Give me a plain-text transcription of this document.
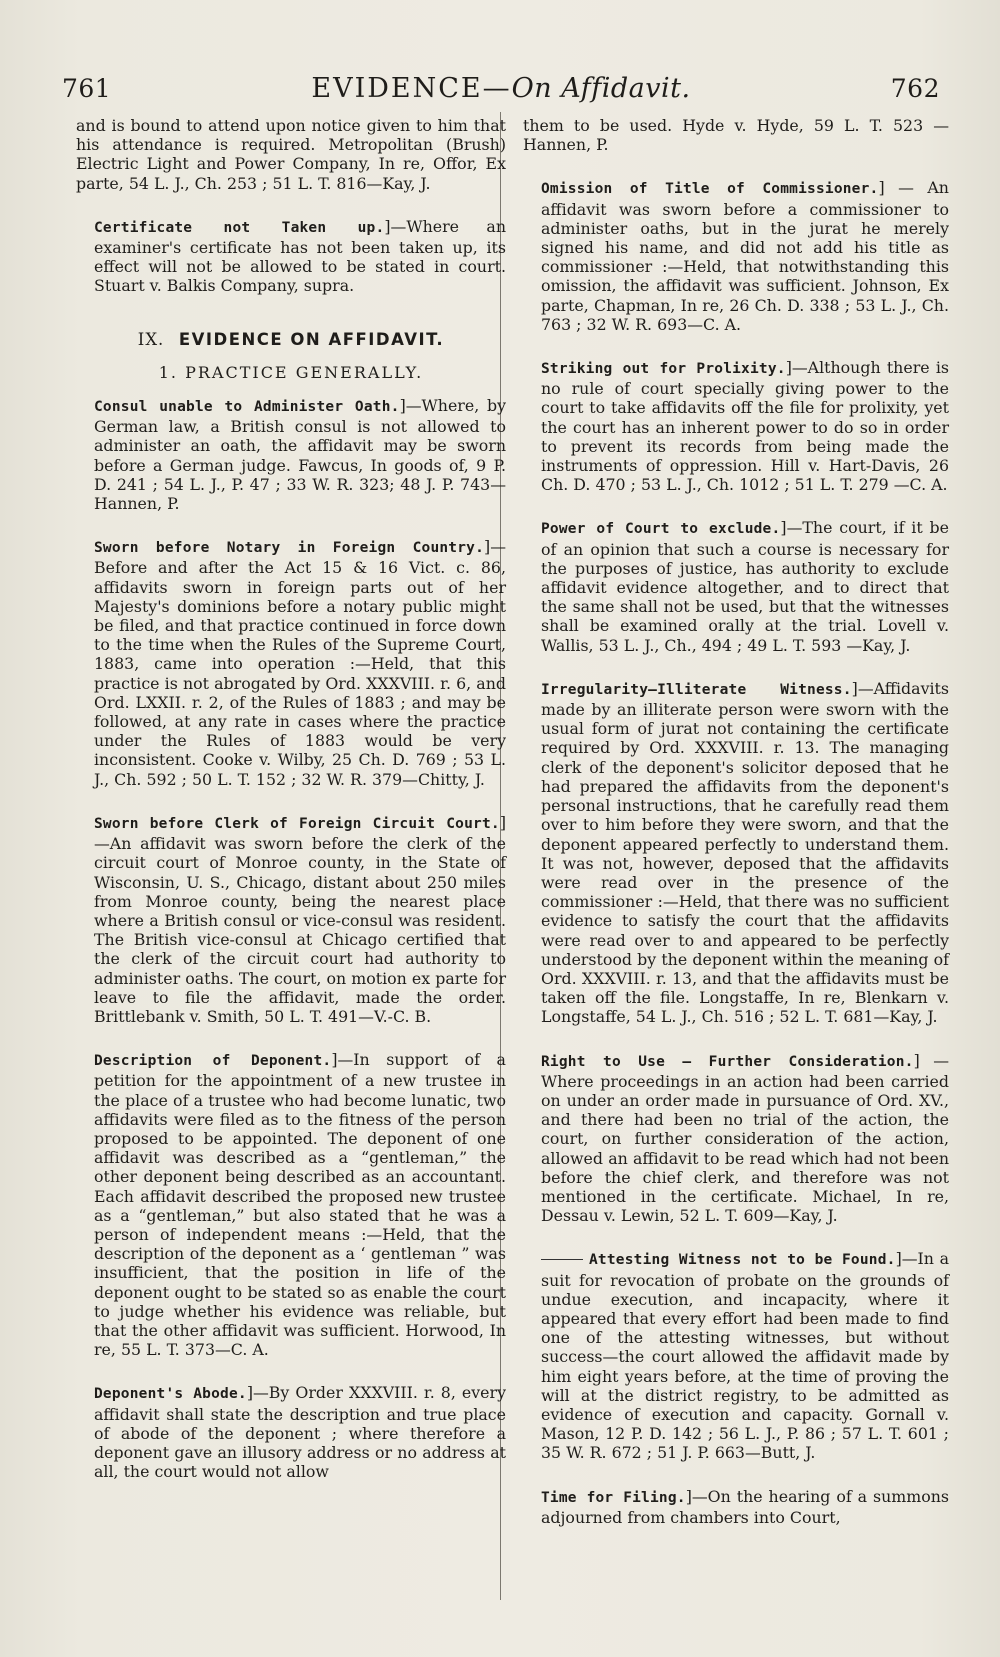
761	EVIDENCE—On Affidavit.	762

and is bound to attend upon notice given to him that his attendance is required. Metropolitan (Brush) Electric Light and Power Company, In re, Offor, Ex parte, 54 L. J., Ch. 253 ; 51 L. T. 816—Kay, J.

Certificate not Taken up.]—Where an examiner's certificate has not been taken up, its effect will not be allowed to be stated in court. Stuart v. Balkis Company, supra.

IX. EVIDENCE ON AFFIDAVIT.
1. PRACTICE GENERALLY.

Consul unable to Administer Oath.]—Where, by German law, a British consul is not allowed to administer an oath, the affidavit may be sworn before a German judge. Fawcus, In goods of, 9 P. D. 241 ; 54 L. J., P. 47 ; 33 W. R. 323; 48 J. P. 743—Hannen, P.

Sworn before Notary in Foreign Country.]—Before and after the Act 15 & 16 Vict. c. 86, affidavits sworn in foreign parts out of her Majesty's dominions before a notary public might be filed, and that practice continued in force down to the time when the Rules of the Supreme Court, 1883, came into operation :—Held, that this practice is not abrogated by Ord. XXXVIII. r. 6, and Ord. LXXII. r. 2, of the Rules of 1883 ; and may be followed, at any rate in cases where the practice under the Rules of 1883 would be very inconsistent. Cooke v. Wilby, 25 Ch. D. 769 ; 53 L. J., Ch. 592 ; 50 L. T. 152 ; 32 W. R. 379—Chitty, J.

Sworn before Clerk of Foreign Circuit Court.]—An affidavit was sworn before the clerk of the circuit court of Monroe county, in the State of Wisconsin, U. S., Chicago, distant about 250 miles from Monroe county, being the nearest place where a British consul or vice-consul was resident. The British vice-consul at Chicago certified that the clerk of the circuit court had authority to administer oaths. The court, on motion ex parte for leave to file the affidavit, made the order. Brittlebank v. Smith, 50 L. T. 491—V.-C. B.

Description of Deponent.]—In support of a petition for the appointment of a new trustee in the place of a trustee who had become lunatic, two affidavits were filed as to the fitness of the person proposed to be appointed. The deponent of one affidavit was described as a “gentleman,” the other deponent being described as an accountant. Each affidavit described the proposed new trustee as a “gentleman,” but also stated that he was a person of independent means :—Held, that the description of the deponent as a ‘ gentleman ” was insufficient, that the position in life of the deponent ought to be stated so as enable the court to judge whether his evidence was reliable, but that the other affidavit was sufficient. Horwood, In re, 55 L. T. 373—C. A.

Deponent's Abode.]—By Order XXXVIII. r. 8, every affidavit shall state the description and true place of abode of the deponent ; where therefore a deponent gave an illusory address or no address at all, the court would not allow

them to be used. Hyde v. Hyde, 59 L. T. 523 —Hannen, P.

Omission of Title of Commissioner.] — An affidavit was sworn before a commissioner to administer oaths, but in the jurat he merely signed his name, and did not add his title as commissioner :—Held, that notwithstanding this omission, the affidavit was sufficient. Johnson, Ex parte, Chapman, In re, 26 Ch. D. 338 ; 53 L. J., Ch. 763 ; 32 W. R. 693—C. A.

Striking out for Prolixity.]—Although there is no rule of court specially giving power to the court to take affidavits off the file for prolixity, yet the court has an inherent power to do so in order to prevent its records from being made the instruments of oppression. Hill v. Hart-Davis, 26 Ch. D. 470 ; 53 L. J., Ch. 1012 ; 51 L. T. 279 —C. A.

Power of Court to exclude.]—The court, if it be of an opinion that such a course is necessary for the purposes of justice, has authority to exclude affidavit evidence altogether, and to direct that the same shall not be used, but that the witnesses shall be examined orally at the trial. Lovell v. Wallis, 53 L. J., Ch., 494 ; 49 L. T. 593 —Kay, J.

Irregularity—Illiterate Witness.]—Affidavits made by an illiterate person were sworn with the usual form of jurat not containing the certificate required by Ord. XXXVIII. r. 13. The managing clerk of the deponent's solicitor deposed that he had prepared the affidavits from the deponent's personal instructions, that he carefully read them over to him before they were sworn, and that the deponent appeared perfectly to understand them. It was not, however, deposed that the affidavits were read over in the presence of the commissioner :—Held, that there was no sufficient evidence to satisfy the court that the affidavits were read over to and appeared to be perfectly understood by the deponent within the meaning of Ord. XXXVIII. r. 13, and that the affidavits must be taken off the file. Longstaffe, In re, Blenkarn v. Longstaffe, 54 L. J., Ch. 516 ; 52 L. T. 681—Kay, J.

Right to Use — Further Consideration.] — Where proceedings in an action had been carried on under an order made in pursuance of Ord. XV., and there had been no trial of the action, the court, on further consideration of the action, allowed an affidavit to be read which had not been before the chief clerk, and therefore was not mentioned in the certificate. Michael, In re, Dessau v. Lewin, 52 L. T. 609—Kay, J.

Attesting Witness not to be Found.]—In a suit for revocation of probate on the grounds of undue execution, and incapacity, where it appeared that every effort had been made to find one of the attesting witnesses, but without success—the court allowed the affidavit made by him eight years before, at the time of proving the will at the district registry, to be admitted as evidence of execution and capacity. Gornall v. Mason, 12 P. D. 142 ; 56 L. J., P. 86 ; 57 L. T. 601 ; 35 W. R. 672 ; 51 J. P. 663—Butt, J.

Time for Filing.]—On the hearing of a summons adjourned from chambers into Court,
